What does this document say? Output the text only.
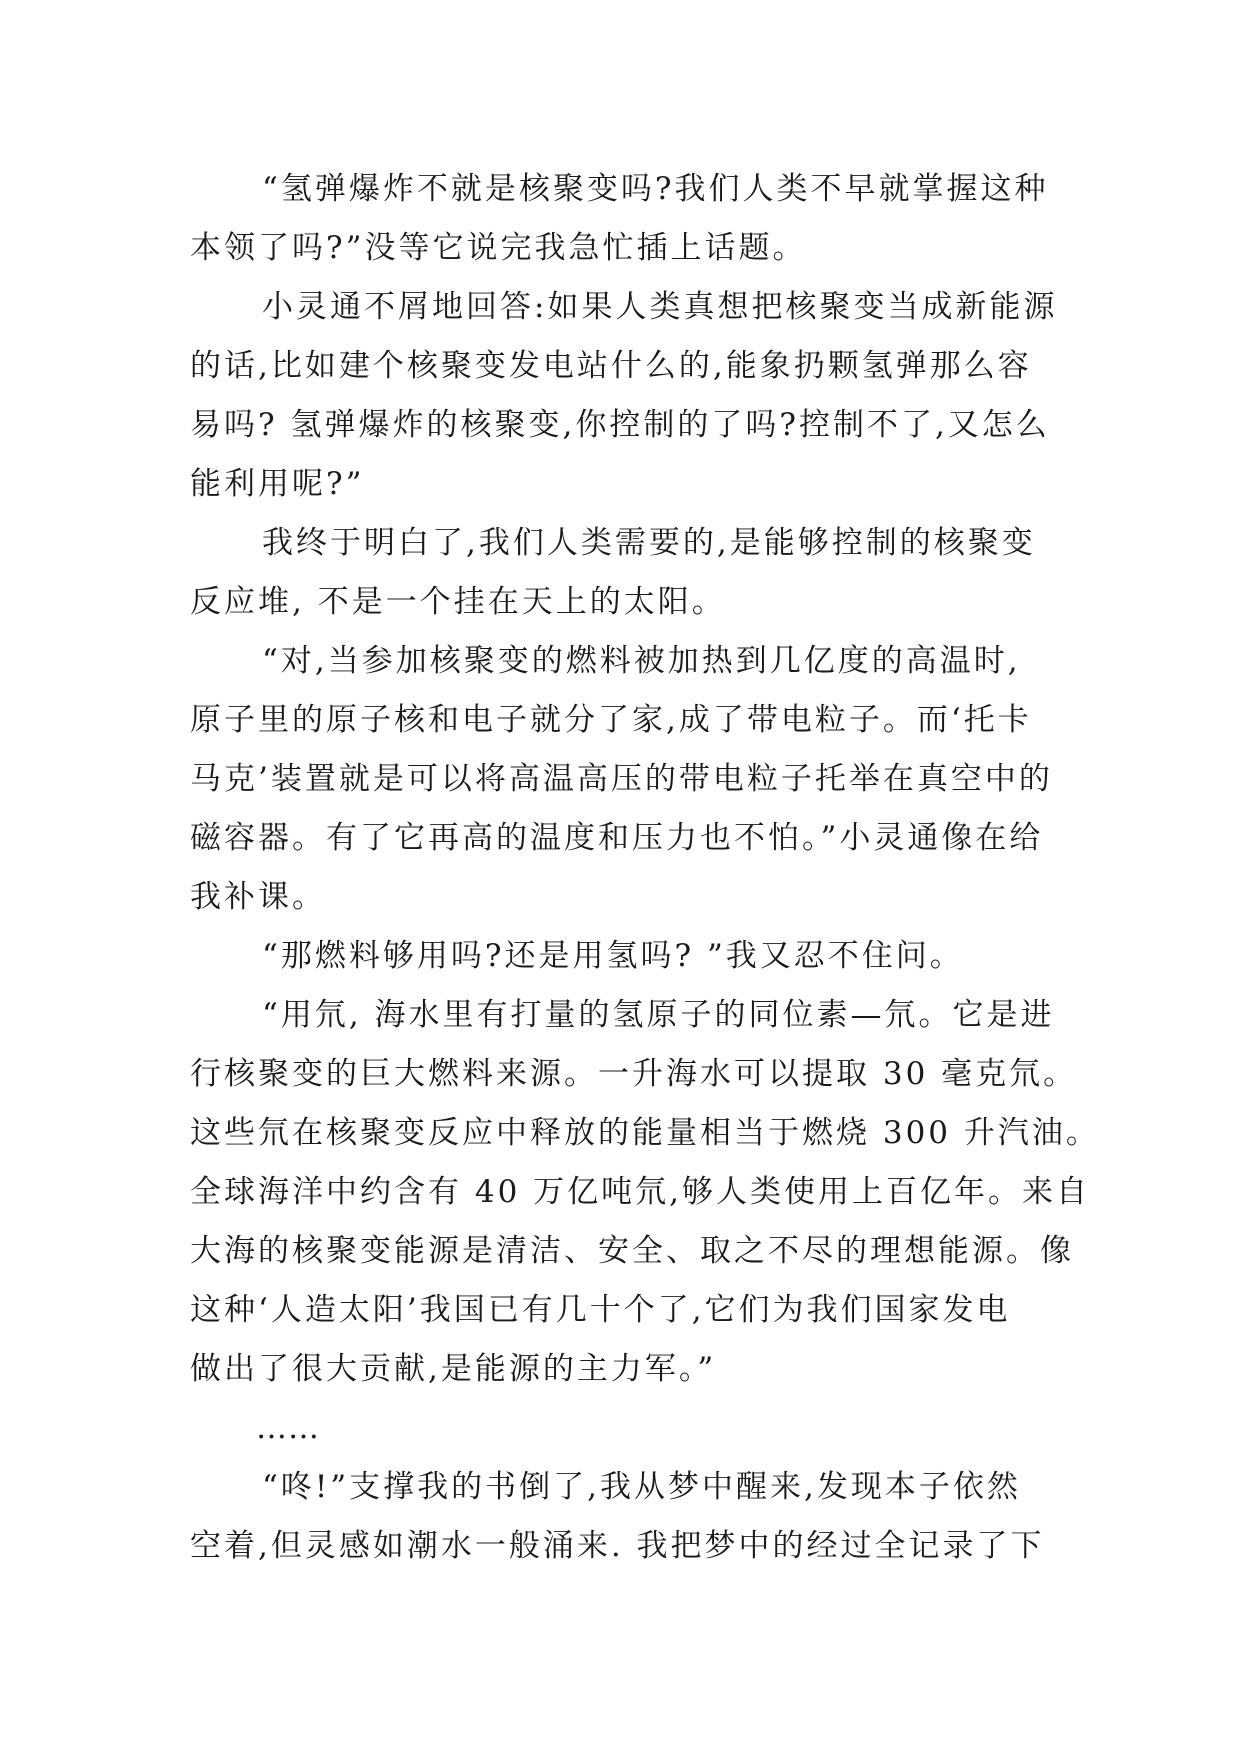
“氢弹爆炸不就是核聚变吗?我们人类不早就掌握这种
本领了吗?”没等它说完我急忙插上话题。
小灵通不屑地回答:如果人类真想把核聚变当成新能源
的话,比如建个核聚变发电站什么的,能象扔颗氢弹那么容
易吗? 氢弹爆炸的核聚变,你控制的了吗?控制不了,又怎么
能利用呢?”
我终于明白了,我们人类需要的,是能够控制的核聚变
反应堆, 不是一个挂在天上的太阳。
“对,当参加核聚变的燃料被加热到几亿度的高温时,
原子里的原子核和电子就分了家,成了带电粒子。而‘托卡
马克’装置就是可以将高温高压的带电粒子托举在真空中的
磁容器。有了它再高的温度和压力也不怕。”小灵通像在给
我补课。
“那燃料够用吗?还是用氢吗? ”我又忍不住问。
“用氘, 海水里有打量的氢原子的同位素—氘。它是进
行核聚变的巨大燃料来源。一升海水可以提取 30 毫克氘。
这些氘在核聚变反应中释放的能量相当于燃烧 300 升汽油。
全球海洋中约含有 40 万亿吨氘,够人类使用上百亿年。来自
大海的核聚变能源是清洁、安全、取之不尽的理想能源。像
这种‘人造太阳’我国已有几十个了,它们为我们国家发电
做出了很大贡献,是能源的主力军。”
……
“咚!”支撑我的书倒了,我从梦中醒来,发现本子依然
空着,但灵感如潮水一般涌来. 我把梦中的经过全记录了下
